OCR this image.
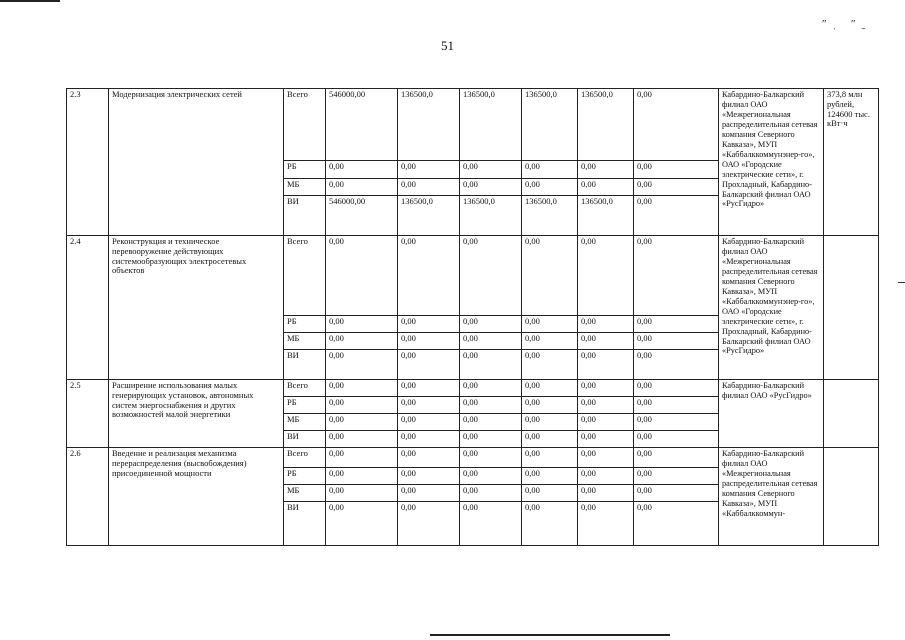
″ˌ ″ˍ
51
2.3	Модернизация электрических сетей	Всего	546000,00	136500,0	136500,0	136500,0	136500,0	0,00	Кабардино-Балкарский филиал ОАО «Межрегиональная распределительная сетевая компания Северного Кавказа», МУП «Каббалккоммунэнер-го», ОАО «Городские электрические сети», г. Прохладный, Кабардино-Балкарский филиал ОАО «РусГидро»	373,8 млн рублей, 124600 тыс. кВт·ч
		РБ	0,00	0,00	0,00	0,00	0,00	0,00		
		МБ	0,00	0,00	0,00	0,00	0,00	0,00		
		ВИ	546000,00	136500,0	136500,0	136500,0	136500,0	0,00		
2.4	Реконструкция и техническое перевооружение действующих системообразующих электросетевых объектов	Всего	0,00	0,00	0,00	0,00	0,00	0,00	Кабардино-Балкарский филиал ОАО «Межрегиональная распределительная сетевая компания Северного Кавказа», МУП «Каббалккоммунэнер-го», ОАО «Городские электрические сети», г. Прохладный, Кабардино-Балкарский филиал ОАО «РусГидро»	
		РБ	0,00	0,00	0,00	0,00	0,00	0,00		
		МБ	0,00	0,00	0,00	0,00	0,00	0,00		
		ВИ	0,00	0,00	0,00	0,00	0,00	0,00		
2.5	Расширение использования малых генерирующих установок, автономных систем энергоснабжения и других возможностей малой энергетики	Всего	0,00	0,00	0,00	0,00	0,00	0,00	Кабардино-Балкарский филиал ОАО «РусГидро»	
		РБ	0,00	0,00	0,00	0,00	0,00	0,00		
		МБ	0,00	0,00	0,00	0,00	0,00	0,00		
		ВИ	0,00	0,00	0,00	0,00	0,00	0,00		
2.6	Введение и реализация механизма перераспределения (высвобождения) присоединенной мощности	Всего	0,00	0,00	0,00	0,00	0,00	0,00	Кабардино-Балкарский филиал ОАО «Межрегиональная распределительная сетевая компания Северного Кавказа», МУП «Каббалккоммун-	
		РБ	0,00	0,00	0,00	0,00	0,00	0,00		
		МБ	0,00	0,00	0,00	0,00	0,00	0,00		
		ВИ	0,00	0,00	0,00	0,00	0,00	0,00		
